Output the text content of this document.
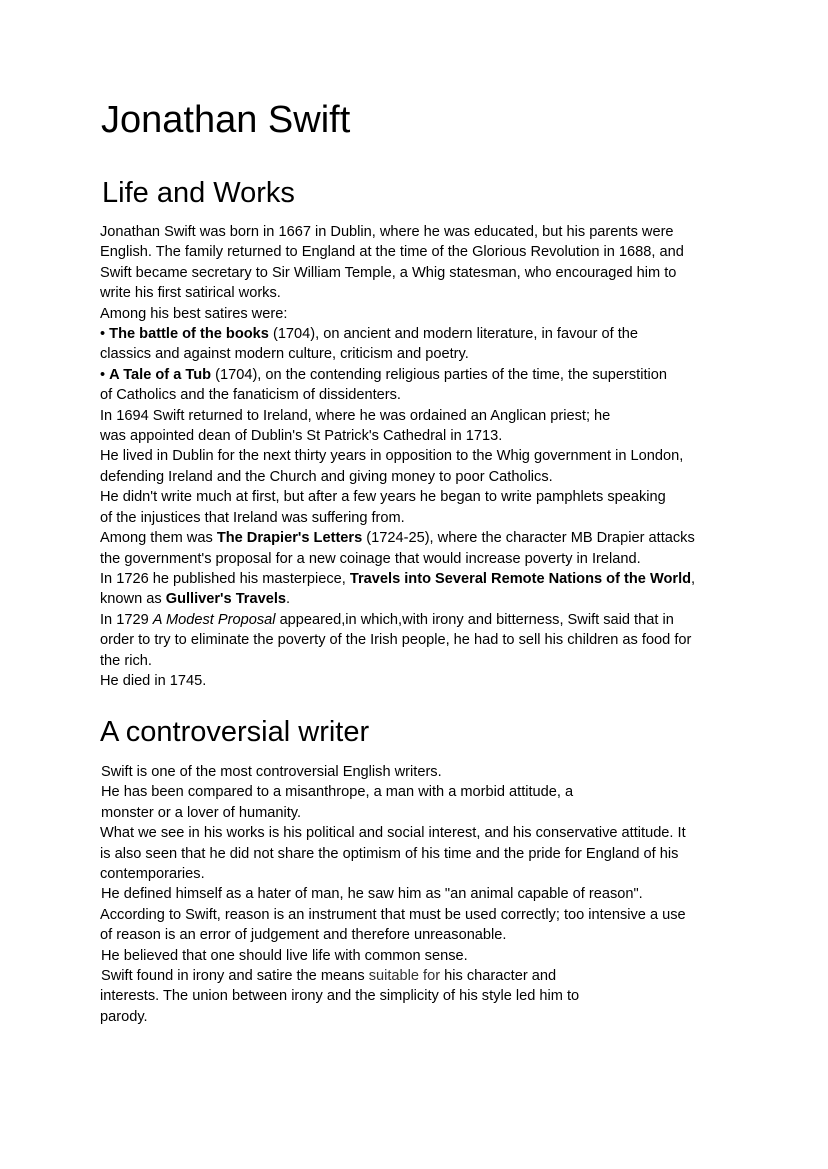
Jonathan Swift
Life and Works
Jonathan Swift was born in 1667 in Dublin, where he was educated, but his parents were
English. The family returned to England at the time of the Glorious Revolution in 1688, and
Swift became secretary to Sir William Temple, a Whig statesman, who encouraged him to
write his first satirical works.
Among his best satires were:
• The battle of the books (1704), on ancient and modern literature, in favour of the
classics and against modern culture, criticism and poetry.
• A Tale of a Tub (1704), on the contending religious parties of the time, the superstition
of Catholics and the fanaticism of dissidenters.
In 1694 Swift returned to Ireland, where he was ordained an Anglican priest; he
was appointed dean of Dublin's St Patrick's Cathedral in 1713.
He lived in Dublin for the next thirty years in opposition to the Whig government in London,
defending Ireland and the Church and giving money to poor Catholics.
He didn't write much at first, but after a few years he began to write pamphlets speaking
of the injustices that Ireland was suffering from.
Among them was The Drapier's Letters (1724-25), where the character MB Drapier attacks
the government's proposal for a new coinage that would increase poverty in Ireland.
In 1726 he published his masterpiece, Travels into Several Remote Nations of the World,
known as Gulliver's Travels.
In 1729 A Modest Proposal appeared,in which,with irony and bitterness, Swift said that in
order to try to eliminate the poverty of the Irish people, he had to sell his children as food for
the rich.
He died in 1745.
A controversial writer
Swift is one of the most controversial English writers.
He has been compared to a misanthrope, a man with a morbid attitude, a
monster or a lover of humanity.
What we see in his works is his political and social interest, and his conservative attitude. It
is also seen that he did not share the optimism of his time and the pride for England of his
contemporaries.
He defined himself as a hater of man, he saw him as "an animal capable of reason".
According to Swift, reason is an instrument that must be used correctly; too intensive a use
of reason is an error of judgement and therefore unreasonable.
He believed that one should live life with common sense.
Swift found in irony and satire the means suitable for his character and
interests. The union between irony and the simplicity of his style led him to
parody.
